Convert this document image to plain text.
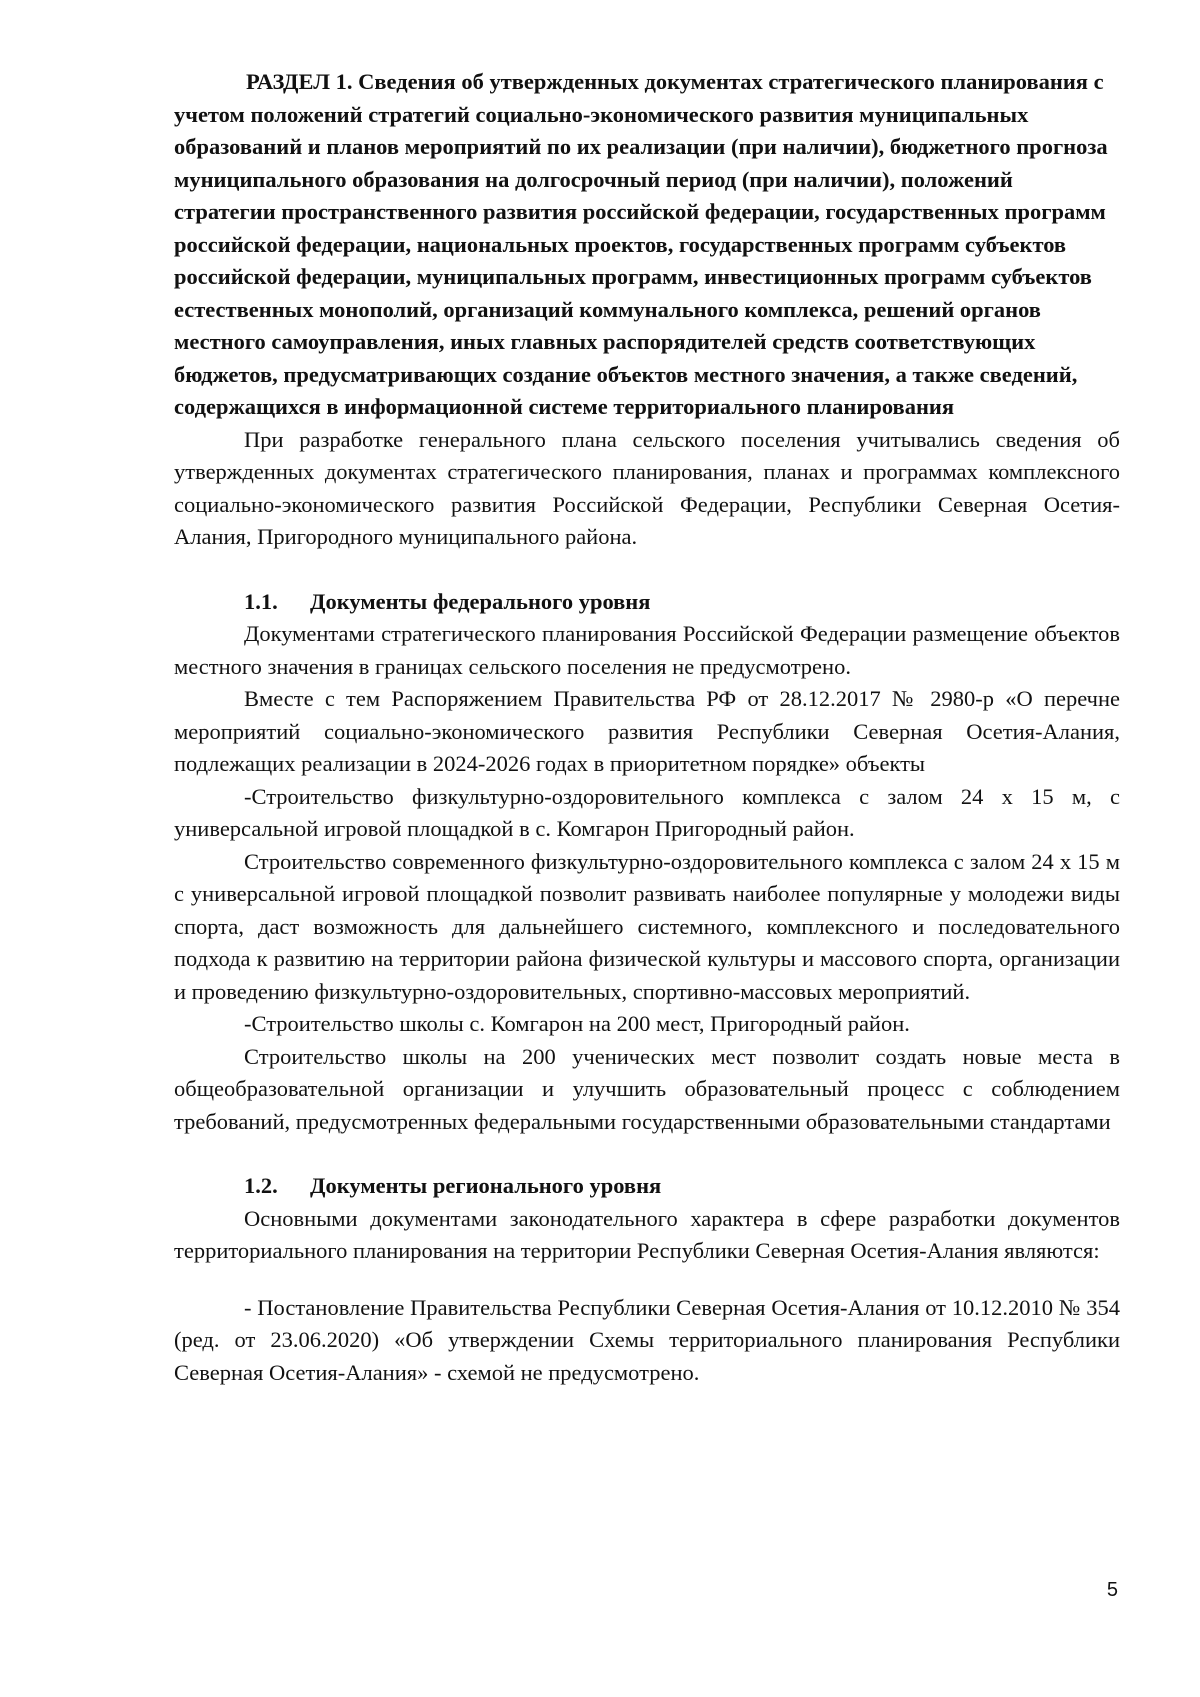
РАЗДЕЛ 1. Сведения об утвержденных документах стратегического планирования с учетом положений стратегий социально-экономического развития муниципальных образований и планов мероприятий по их реализации (при наличии), бюджетного прогноза муниципального образования на долгосрочный период (при наличии), положений стратегии пространственного развития российской федерации, государственных программ российской федерации, национальных проектов, государственных программ субъектов российской федерации, муниципальных программ, инвестиционных программ субъектов естественных монополий, организаций коммунального комплекса, решений органов местного самоуправления, иных главных распорядителей средств соответствующих бюджетов, предусматривающих создание объектов местного значения, а также сведений, содержащихся в информационной системе территориального планирования

При разработке генерального плана сельского поселения учитывались сведения об утвержденных документах стратегического планирования, планах и программах комплексного социально-экономического развития Российской Федерации, Республики Северная Осетия-Алания, Пригородного муниципального района.

1.1. Документы федерального уровня

Документами стратегического планирования Российской Федерации размещение объектов местного значения в границах сельского поселения не предусмотрено.

Вместе с тем Распоряжением Правительства РФ от 28.12.2017 № 2980-р «О перечне мероприятий социально-экономического развития Республики Северная Осетия-Алания, подлежащих реализации в 2024-2026 годах в приоритетном порядке» объекты

-Строительство физкультурно-оздоровительного комплекса с залом 24 х 15 м, с универсальной игровой площадкой в с. Комгарон Пригородный район.

Строительство современного физкультурно-оздоровительного комплекса с залом 24 х 15 м с универсальной игровой площадкой позволит развивать наиболее популярные у молодежи виды спорта, даст возможность для дальнейшего системного, комплексного и последовательного подхода к развитию на территории района физической культуры и массового спорта, организации и проведению физкультурно-оздоровительных, спортивно-массовых мероприятий.

-Строительство школы с. Комгарон на 200 мест, Пригородный район.

Строительство школы на 200 ученических мест позволит создать новые места в общеобразовательной организации и улучшить образовательный процесс с соблюдением требований, предусмотренных федеральными государственными образовательными стандартами

1.2. Документы регионального уровня

Основными документами законодательного характера в сфере разработки документов территориального планирования на территории Республики Северная Осетия-Алания являются:

- Постановление Правительства Республики Северная Осетия-Алания от 10.12.2010 № 354 (ред. от 23.06.2020) «Об утверждении Схемы территориального планирования Республики Северная Осетия-Алания» - схемой не предусмотрено.

5
